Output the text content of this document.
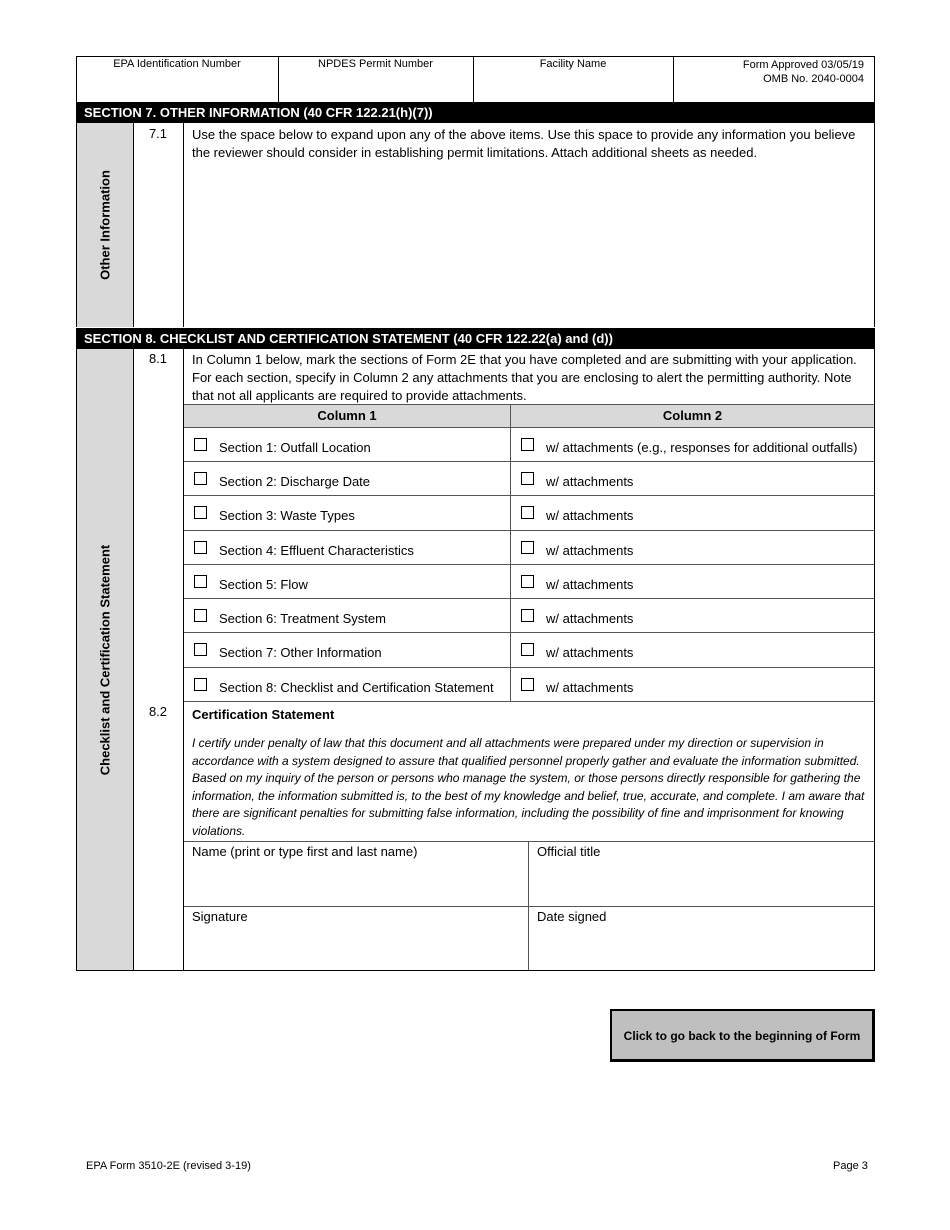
EPA Identification Number	NPDES Permit Number	Facility Name	Form Approved 03/05/19
OMB No. 2040-0004
SECTION 7. OTHER INFORMATION (40 CFR 122.21(h)(7))
Other Information
7.1	Use the space below to expand upon any of the above items. Use this space to provide any information you believe the reviewer should consider in establishing permit limitations. Attach additional sheets as needed.
SECTION 8. CHECKLIST AND CERTIFICATION STATEMENT (40 CFR 122.22(a) and (d))
Checklist and Certification Statement
8.1	In Column 1 below, mark the sections of Form 2E that you have completed and are submitting with your application. For each section, specify in Column 2 any attachments that you are enclosing to alert the permitting authority. Note that not all applicants are required to provide attachments.
Column 1	Column 2
Section 1: Outfall Location	w/ attachments (e.g., responses for additional outfalls)
Section 2: Discharge Date	w/ attachments
Section 3: Waste Types	w/ attachments
Section 4: Effluent Characteristics	w/ attachments
Section 5: Flow	w/ attachments
Section 6: Treatment System	w/ attachments
Section 7: Other Information	w/ attachments
Section 8: Checklist and Certification Statement	w/ attachments
8.2	Certification Statement
I certify under penalty of law that this document and all attachments were prepared under my direction or supervision in accordance with a system designed to assure that qualified personnel properly gather and evaluate the information submitted. Based on my inquiry of the person or persons who manage the system, or those persons directly responsible for gathering the information, the information submitted is, to the best of my knowledge and belief, true, accurate, and complete. I am aware that there are significant penalties for submitting false information, including the possibility of fine and imprisonment for knowing violations.
Name (print or type first and last name)	Official title
Signature	Date signed
Click to go back to the beginning of Form
EPA Form 3510-2E (revised 3-19)	Page 3
